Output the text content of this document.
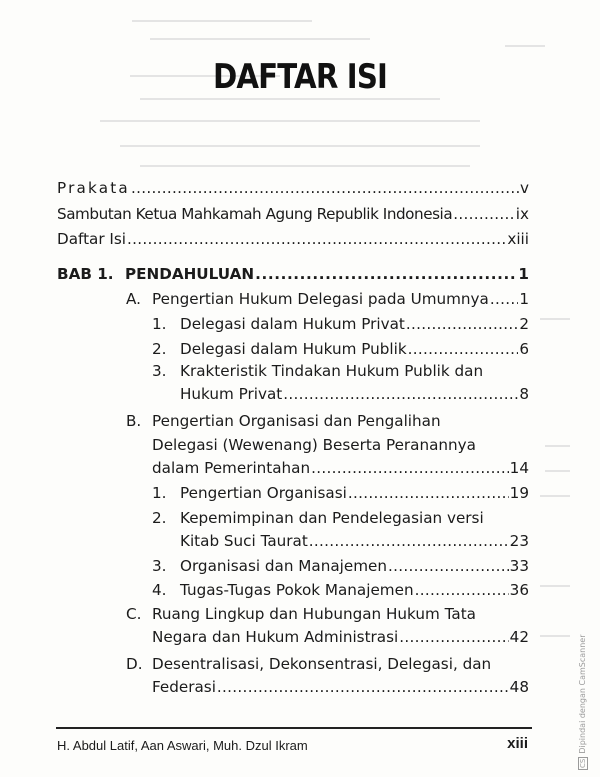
DAFTAR ISI
Prakata .....	v
Sambutan Ketua Mahkamah Agung Republik Indonesia .....	ix
Daftar Isi .....	xiii
BAB 1. PENDAHULUAN .....	1
A. Pengertian Hukum Delegasi pada Umumnya ..... 1
1. Delegasi dalam Hukum Privat .....	2
2. Delegasi dalam Hukum Publik .....	6
3. Krakteristik Tindakan Hukum Publik dan
Hukum Privat .....	8
B. Pengertian Organisasi dan Pengalihan
Delegasi (Wewenang) Beserta Peranannya
dalam Pemerintahan .....	14
1. Pengertian Organisasi .....	19
2. Kepemimpinan dan Pendelegasian versi
Kitab Suci Taurat .....	23
3. Organisasi dan Manajemen .....	33
4. Tugas-Tugas Pokok Manajemen .....	36
C. Ruang Lingkup dan Hubungan Hukum Tata
Negara dan Hukum Administrasi .....	42
D. Desentralisasi, Dekonsentrasi, Delegasi, dan
Federasi .....	48
H. Abdul Latif, Aan Aswari, Muh. Dzul Ikram	xiii
CSDipindai dengan CamScanner
